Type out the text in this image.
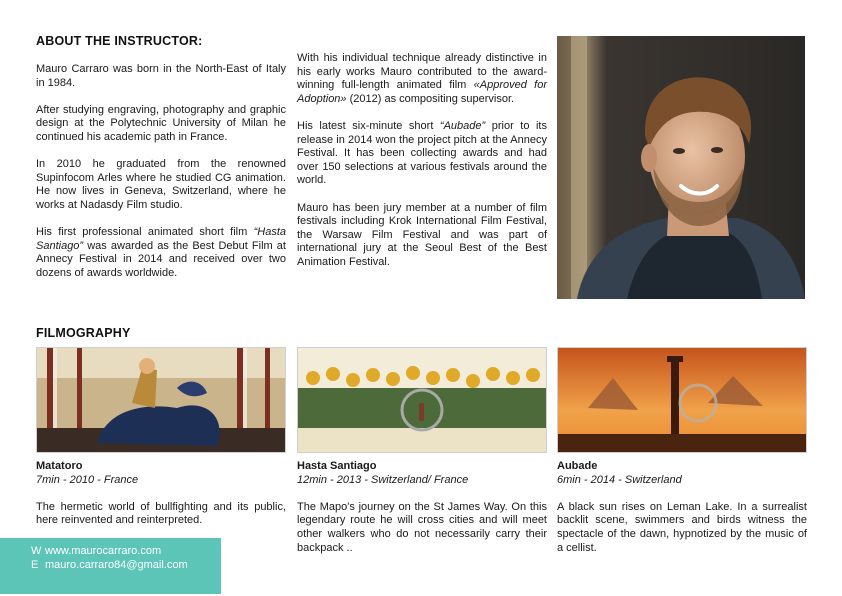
ABOUT THE INSTRUCTOR:

Mauro Carraro was born in the North-East of Italy in 1984.

After studying engraving, photography and graphic design at the Polytechnic University of Milan he continued his academic path in France.

In 2010 he graduated from the renowned Supinfocom Arles where he studied CG animation. He now lives in Geneva, Switzerland, where he works at Nadasdy Film studio.

His first professional animated short film “Hasta Santiago” was awarded as the Best Debut Film at Annecy Festival in 2014 and received over two dozens of awards worldwide.

With his individual technique already distinctive in his early works Mauro contributed to the award-winning full-length animated film «Approved for Adoption» (2012) as compositing supervisor.

His latest six-minute short “Aubade” prior to its release in 2014 won the project pitch at the Annecy Festival. It has been collecting awards and had over 150 selections at various festivals around the world.

Mauro has been jury member at a number of film festivals including Krok International Film Festival, the Warsaw Film Festival and was part of international jury at the Seoul Best of the Best Animation Festival.

FILMOGRAPHY
Matatoro
7min - 2010 - France
The hermetic world of bullfighting and its public, here reinvented and reinterpreted.
Hasta Santiago
12min - 2013 - Switzerland/ France
The Mapo's journey on the St James Way. On this legendary route he will cross cities and will meet other walkers who do not necessarily carry their backpack ..
Aubade
6min - 2014 - Switzerland
A black sun rises on Leman Lake. In a surrealist backlit scene, swimmers and birds witness the spectacle of the dawn, hypnotized by the music of a cellist.
W www.maurocarraro.com
E mauro.carraro84@gmail.com
